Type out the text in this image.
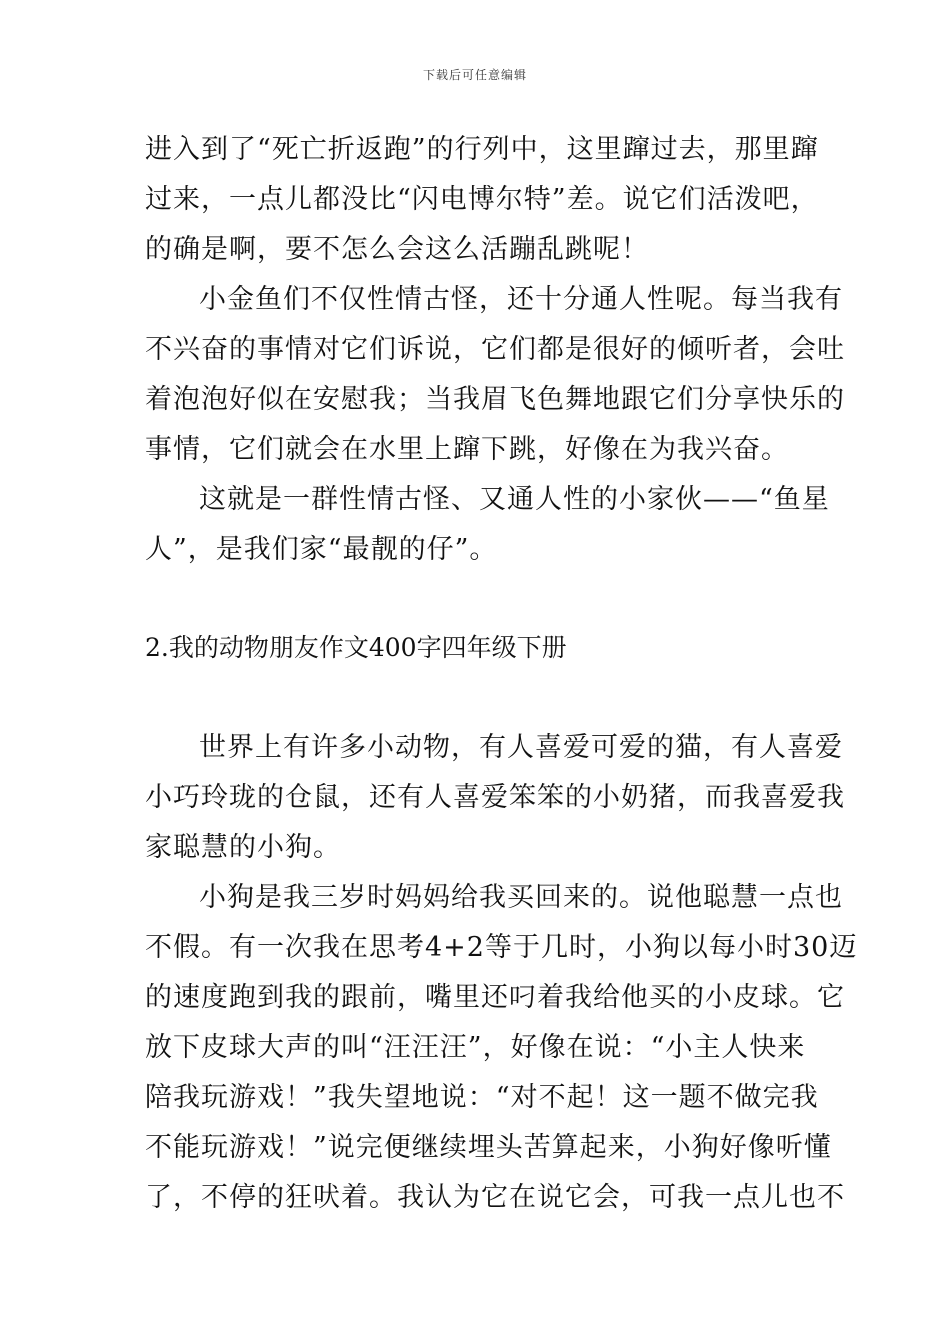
下载后可任意编辑
进入到了“死亡折返跑”的行列中，这里蹿过去，那里蹿
过来，一点儿都没比“闪电博尔特”差。说它们活泼吧，
的确是啊，要不怎么会这么活蹦乱跳呢！
小金鱼们不仅性情古怪，还十分通人性呢。每当我有
不兴奋的事情对它们诉说，它们都是很好的倾听者，会吐
着泡泡好似在安慰我；当我眉飞色舞地跟它们分享快乐的
事情，它们就会在水里上蹿下跳，好像在为我兴奋。
这就是一群性情古怪、又通人性的小家伙——“鱼星
人”，是我们家“最靓的仔”。
2.我的动物朋友作文400字四年级下册
世界上有许多小动物，有人喜爱可爱的猫，有人喜爱
小巧玲珑的仓鼠，还有人喜爱笨笨的小奶猪，而我喜爱我
家聪慧的小狗。
小狗是我三岁时妈妈给我买回来的。说他聪慧一点也
不假。有一次我在思考4+2等于几时，小狗以每小时30迈
的速度跑到我的跟前，嘴里还叼着我给他买的小皮球。它
放下皮球大声的叫“汪汪汪”，好像在说：“小主人快来
陪我玩游戏！”我失望地说：“对不起！这一题不做完我
不能玩游戏！”说完便继续埋头苦算起来，小狗好像听懂
了，不停的狂吠着。我认为它在说它会，可我一点儿也不
